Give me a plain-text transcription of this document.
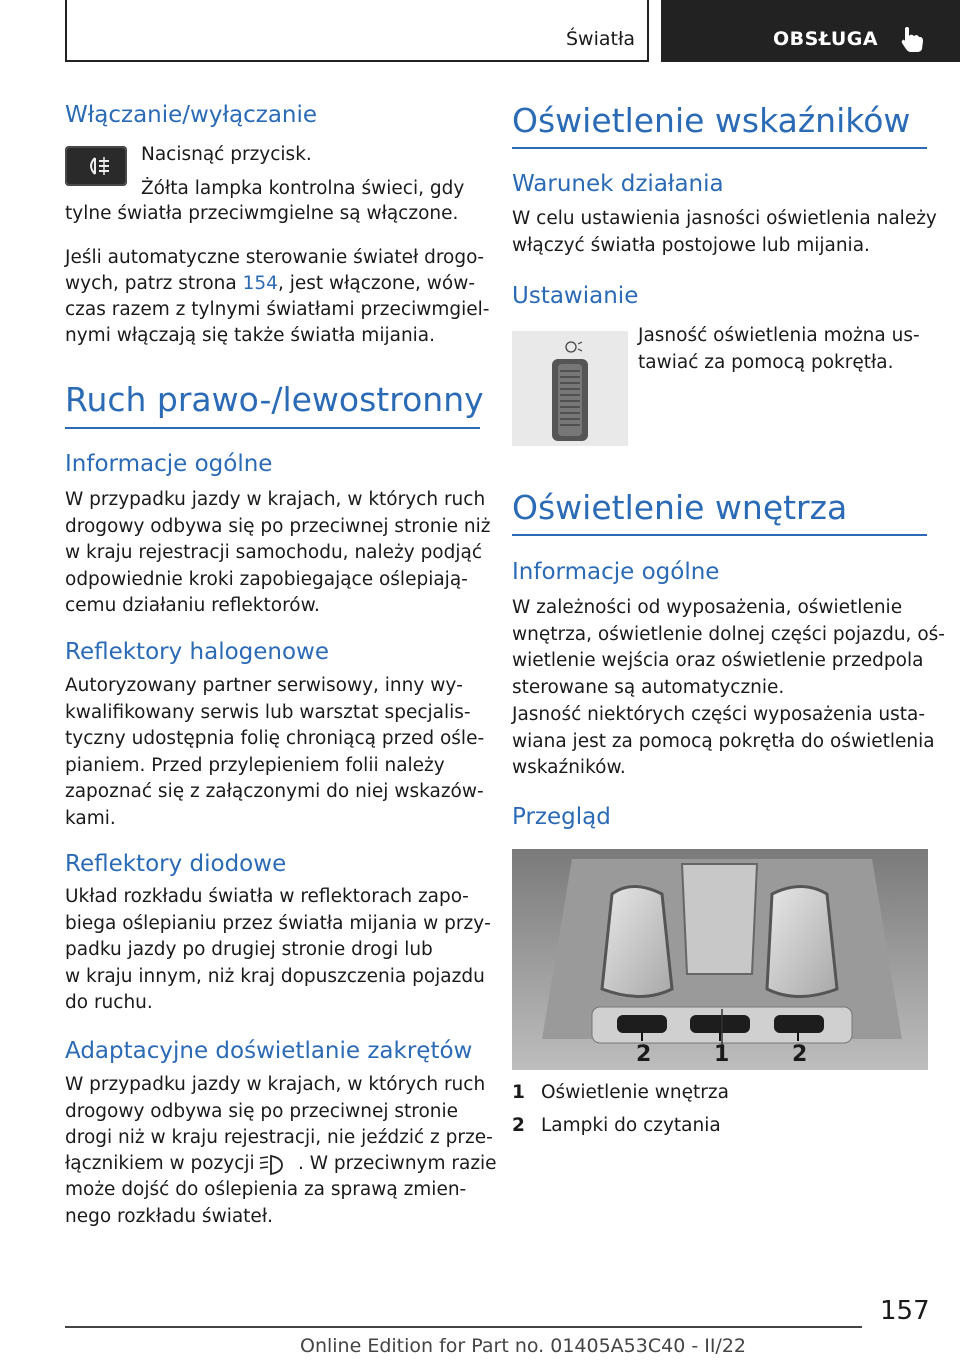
Światła	OBSŁUGA
Włączanie/wyłączanie

Nacisnąć przycisk.

Żółta lampka kontrolna świeci, gdy

tylne światła przeciwmgielne są włączone.

Jeśli automatyczne sterowanie świateł drogo‐

wych, patrz strona 154, jest włączone, wów‐

czas razem z tylnymi światłami przeciwmgiel‐

nymi włączają się także światła mijania.

Ruch prawo-/lewostronny
Informacje ogólne
W przypadku jazdy w krajach, w których ruch
drogowy odbywa się po przeciwnej stronie niż
w kraju rejestracji samochodu, należy podjąć
odpowiednie kroki zapobiegające oślepiają‐
cemu działaniu reflektorów.
Reflektory halogenowe
Autoryzowany partner serwisowy, inny wy‐
kwalifikowany serwis lub warsztat specjalis‐
tyczny udostępnia folię chroniącą przed ośle‐
pianiem. Przed przylepieniem folii należy
zapoznać się z załączonymi do niej wskazów‐
kami.
Reflektory diodowe
Układ rozkładu światła w reflektorach zapo‐
biega oślepianiu przez światła mijania w przy‐
padku jazdy po drugiej stronie drogi lub
w kraju innym, niż kraj dopuszczenia pojazdu
do ruchu.
Adaptacyjne doświetlanie zakrętów
W przypadku jazdy w krajach, w których ruch
drogowy odbywa się po przeciwnej stronie
drogi niż w kraju rejestracji, nie jeździć z prze‐

łącznikiem w pozycji . W przeciwnym razie

może dojść do oślepienia za sprawą zmien‐
nego rozkładu świateł.
Oświetlenie wskaźników
Warunek działania
W celu ustawienia jasności oświetlenia należy
włączyć światła postojowe lub mijania.
Ustawianie
Jasność oświetlenia można us‐
tawiać za pomocą pokrętła.
Oświetlenie wnętrza
Informacje ogólne
W zależności od wyposażenia, oświetlenie
wnętrza, oświetlenie dolnej części pojazdu, oś‐
wietlenie wejścia oraz oświetlenie przedpola
sterowane są automatycznie.
Jasność niektórych części wyposażenia usta‐
wiana jest za pomocą pokrętła do oświetlenia
wskaźników.
Przegląd
2	1	2
1 Oświetlenie wnętrza
2 Lampki do czytania
157
Online Edition for Part no. 01405A53C40 - II/22
